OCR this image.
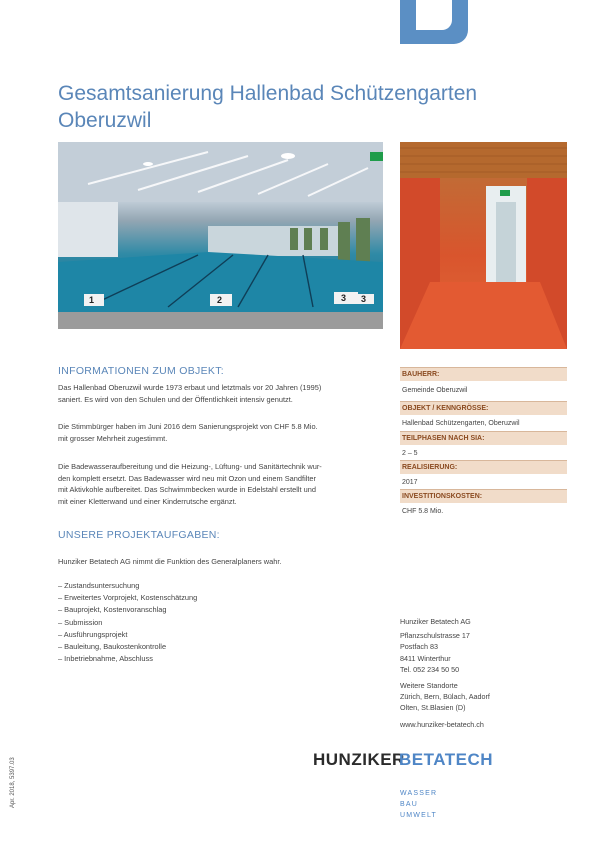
Gesamtsanierung Hallenbad Schützengarten
Oberuzwil
1	2	3 3
INFORMATIONEN ZUM OBJEKT:
Das Hallenbad Oberuzwil wurde 1973 erbaut und letztmals vor 20 Jahren (1995)
saniert. Es wird von den Schulen und der Öffentlichkeit intensiv genutzt.
Die Stimmbürger haben im Juni 2016 dem Sanierungsprojekt von CHF 5.8 Mio.
mit grosser Mehrheit zugestimmt.
Die Badewasseraufbereitung und die Heizung-, Lüftung- und Sanitärtechnik wur-
den komplett ersetzt. Das Badewasser wird neu mit Ozon und einem Sandfilter
mit Aktivkohle aufbereitet. Das Schwimmbecken wurde in Edelstahl erstellt und
mit einer Kletterwand und einer Kinderrutsche ergänzt.
UNSERE PROJEKTAUFGABEN:
Hunziker Betatech AG nimmt die Funktion des Generalplaners wahr.
– Zustandsuntersuchung
– Erweitertes Vorprojekt, Kostenschätzung
– Bauprojekt, Kostenvoranschlag
– Submission
– Ausführungsprojekt
– Bauleitung, Baukostenkontrolle
– Inbetriebnahme, Abschluss
BAUHERR:
Gemeinde Oberuzwil
OBJEKT / KENNGRÖSSE:
Hallenbad Schützengarten, Oberuzwil
TEILPHASEN NACH SIA:
2 – 5
REALISIERUNG:
2017
INVESTITIONSKOSTEN:
CHF 5.8 Mio.
Hunziker Betatech AG
Pflanzschulstrasse 17
Postfach 83
8411 Winterthur
Tel. 052 234 50 50
Weitere Standorte
Zürich, Bern, Bülach, Aadorf
Olten, St.Blasien (D)
www.hunziker-betatech.ch
HUNZIKER
BETATECH
WASSER
BAU
UMWELT
Apr. 2018, 5397.03
